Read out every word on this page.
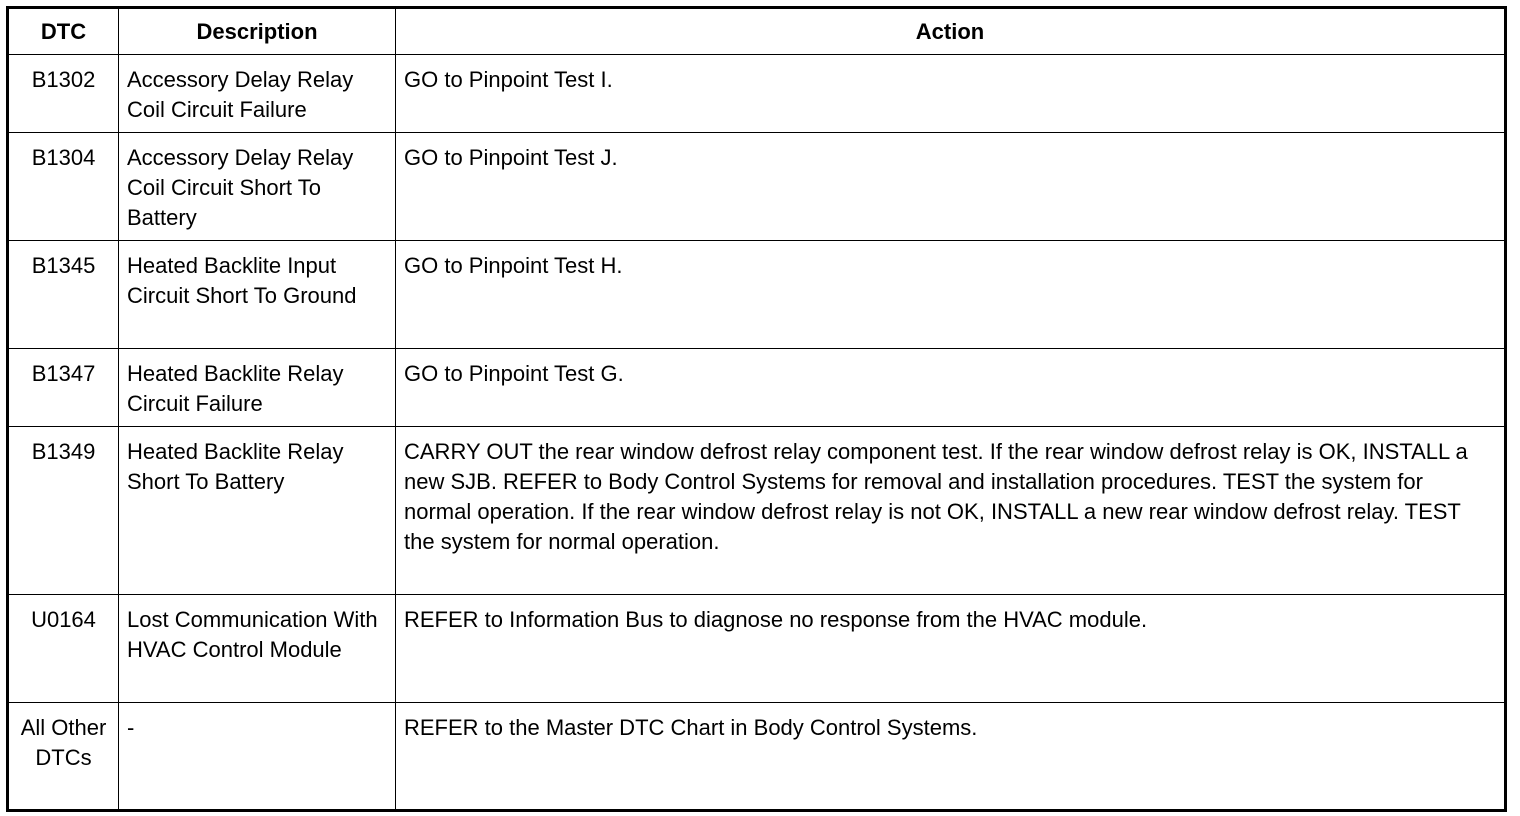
DTC	Description	Action
B1302	Accessory Delay Relay Coil Circuit Failure	GO to Pinpoint Test I.
B1304	Accessory Delay Relay Coil Circuit Short To Battery	GO to Pinpoint Test J.
B1345	Heated Backlite Input Circuit Short To Ground	GO to Pinpoint Test H.
B1347	Heated Backlite Relay Circuit Failure	GO to Pinpoint Test G.
B1349	Heated Backlite Relay Short To Battery	CARRY OUT the rear window defrost relay component test. If the rear window defrost relay is OK, INSTALL a new SJB. REFER to Body Control Systems for removal and installation procedures. TEST the system for normal operation. If the rear window defrost relay is not OK, INSTALL a new rear window defrost relay. TEST the system for normal operation.
U0164	Lost Communication With HVAC Control Module	REFER to Information Bus to diagnose no response from the HVAC module.
All Other DTCs	-	REFER to the Master DTC Chart in Body Control Systems.
